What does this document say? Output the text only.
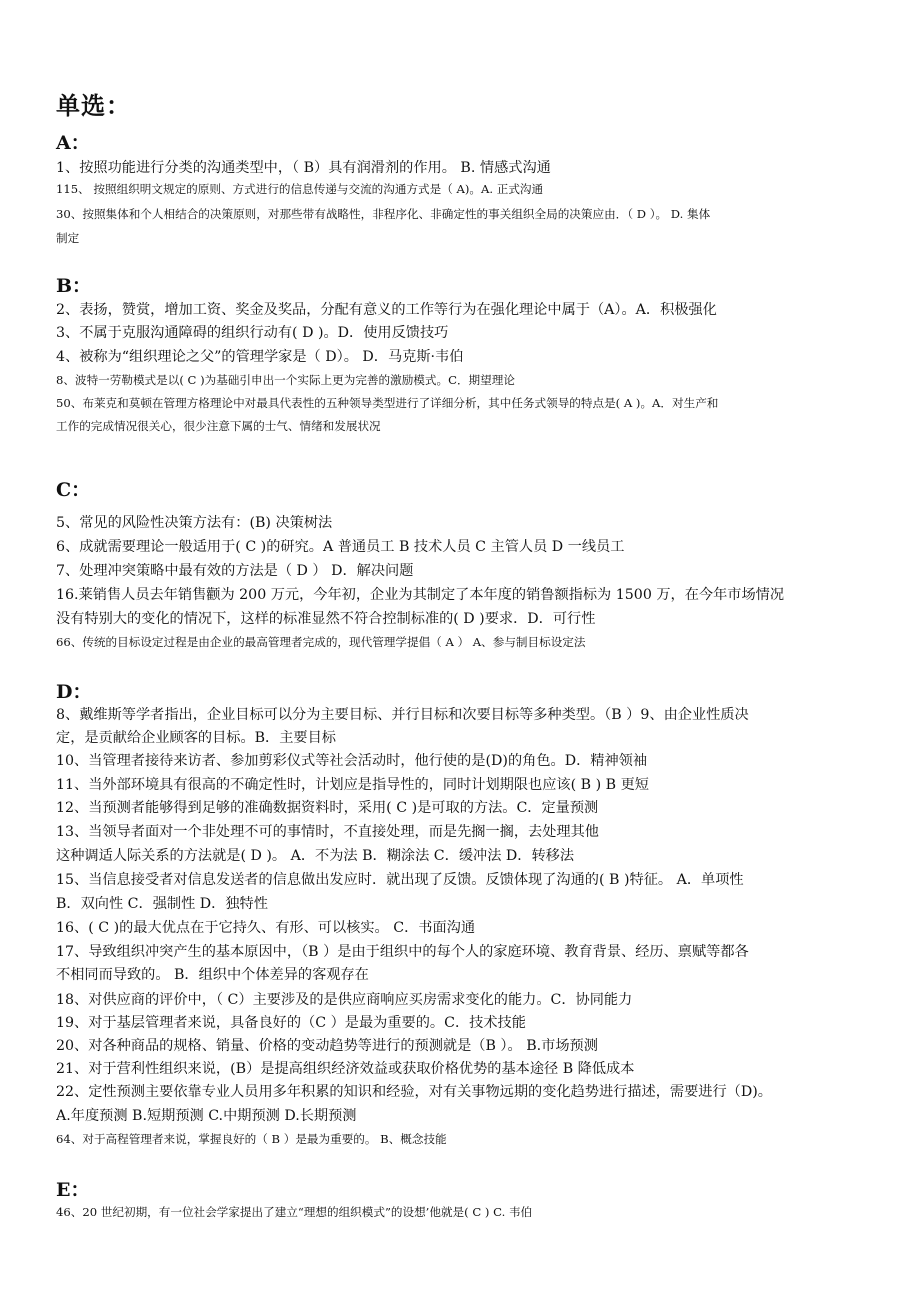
单选：
A：
1、按照功能进行分类的沟通类型中，（ B）具有润滑剂的作用。 B. 情感式沟通
115、 按照组织明文规定的原则、方式进行的信息传递与交流的沟通方式是（ A)。A. 正式沟通
30、按照集体和个人相结合的决策原则，对那些带有战略性，非程序化、非确定性的事关组织全局的决策应由．（ D ）。 D. 集体
制定
B：
2、表扬，赞赏，增加工资、奖金及奖品，分配有意义的工作等行为在强化理论中属于（A）。A．积极强化
3、不属于克服沟通障碍的组织行动有( D )。D．使用反馈技巧
4、被称为“组织理论之父”的管理学家是（ D）。 D．马克斯·韦伯
8、波特一劳勒模式是以( C )为基础引申出一个实际上更为完善的激励模式。C．期望理论
50、布莱克和莫顿在管理方格理论中对最具代表性的五种领导类型进行了详细分析，其中任务式领导的特点是( A )。A．对生产和
工作的完成情况很关心，很少注意下属的士气、情绪和发展状况
C：
5、常见的风险性决策方法有：(B) 决策树法
6、成就需要理论一般适用于( C )的研究。A 普通员工 B 技术人员 C 主管人员 D 一线员工
7、处理冲突策略中最有效的方法是（ D ） D．解决问题
16.莱销售人员去年销售颧为 200 万元，今年初，企业为其制定了本年度的销鲁额指标为 1500 万，在今年市场情况
没有特别大的变化的情况下，这样的标准显然不符合控制标准的( D )要求．D．可行性
66、传统的目标设定过程是由企业的最高管理者完成的，现代管理学提倡（ A ） A、参与制目标设定法
D：
8、戴维斯等学者指出，企业目标可以分为主要目标、并行目标和次要目标等多种类型。（B ）9、由企业性质决
定，是贡献给企业顾客的目标。B．主要目标
10、当管理者接待来访者、参加剪彩仪式等社会活动时，他行使的是(D)的角色。D．精神领袖
11、当外部环境具有很高的不确定性时，计划应是指导性的，同时计划期限也应该( B ) B 更短
12、当预测者能够得到足够的准确数据资料时，采用( C )是可取的方法。C．定量预测
13、当领导者面对一个非处理不可的事情时，不直接处理，而是先搁一搁，去处理其他
这种调适人际关系的方法就是( D )。 A．不为法 B．糊涂法 C．缓冲法 D．转移法
15、当信息接受者对信息发送者的信息做出发应时．就出现了反馈。反馈体现了沟通的( B )特征。 A．单项性
B．双向性 C．强制性 D．独特性
16、( C )的最大优点在于它持久、有形、可以核实。 C．书面沟通
17、导致组织冲突产生的基本原因中，（B ）是由于组织中的每个人的家庭环境、教育背景、经历、禀赋等都各
不相同而导致的。 B．组织中个体差异的客观存在
18、对供应商的评价中，（ C）主要涉及的是供应商响应买房需求变化的能力。C．协同能力
19、对于基层管理者来说，具备良好的（C ）是最为重要的。C．技术技能
20、对各种商品的规格、销量、价格的变动趋势等进行的预测就是（B ）。 B.市场预测
21、对于营利性组织来说，(B）是提高组织经济效益或获取价格优势的基本途径 B 降低成本
22、定性预测主要依靠专业人员用多年积累的知识和经验，对有关事物远期的变化趋势进行描述，需要进行（D)。
A.年度预测 B.短期预测 C.中期预测 D.长期预测
64、对于高程管理者来说，掌握良好的（ B ）是最为重要的。 B、概念技能
E：
46、20 世纪初期，有一位社会学家提出了建立“理想的组织模式”的设想’他就是( C ) C. 韦伯
